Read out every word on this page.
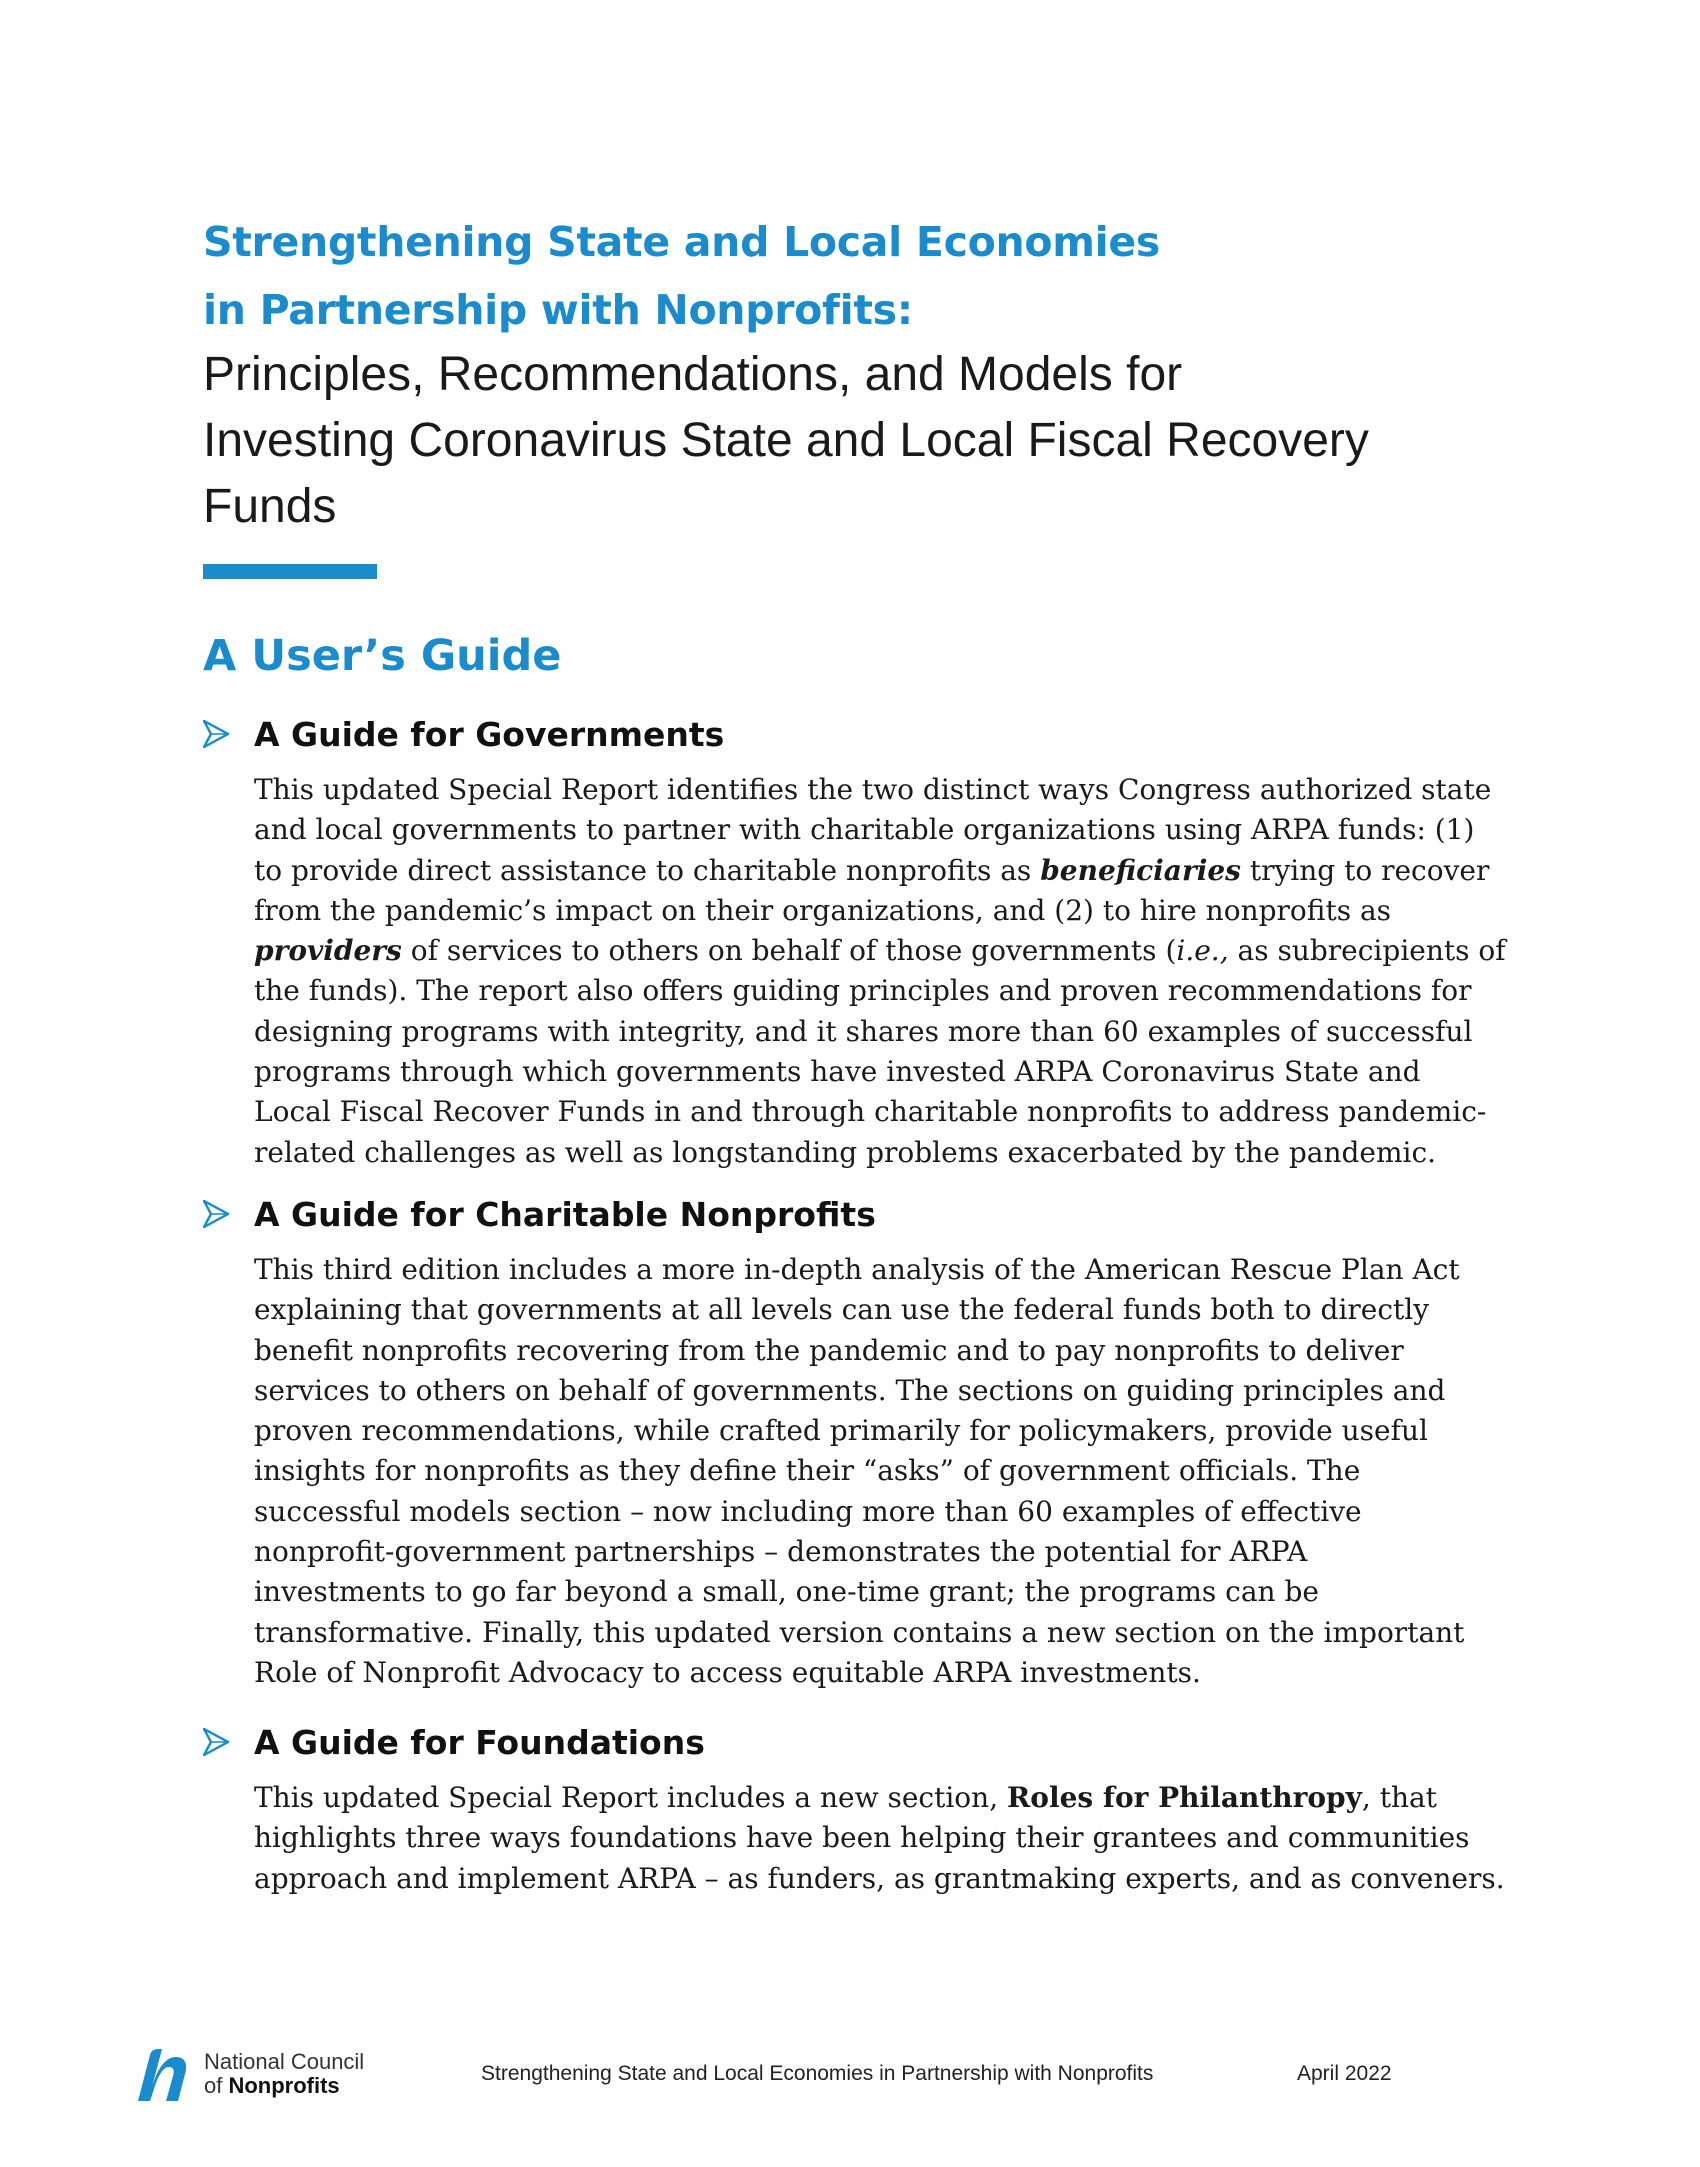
Strengthening State and Local Economies
in Partnership with Nonprofits:
Principles, Recommendations, and Models for
Investing Coronavirus State and Local Fiscal Recovery
Funds
A User’s Guide
A Guide for Governments
This updated Special Report identifies the two distinct ways Congress authorized state
and local governments to partner with charitable organizations using ARPA funds: (1)
to provide direct assistance to charitable nonprofits as beneficiaries trying to recover
from the pandemic’s impact on their organizations, and (2) to hire nonprofits as
providers of services to others on behalf of those governments (i.e., as subrecipients of
the funds). The report also offers guiding principles and proven recommendations for
designing programs with integrity, and it shares more than 60 examples of successful
programs through which governments have invested ARPA Coronavirus State and
Local Fiscal Recover Funds in and through charitable nonprofits to address pandemic-
related challenges as well as longstanding problems exacerbated by the pandemic.
A Guide for Charitable Nonprofits
This third edition includes a more in-depth analysis of the American Rescue Plan Act
explaining that governments at all levels can use the federal funds both to directly
benefit nonprofits recovering from the pandemic and to pay nonprofits to deliver
services to others on behalf of governments. The sections on guiding principles and
proven recommendations, while crafted primarily for policymakers, provide useful
insights for nonprofits as they define their “asks” of government officials. The
successful models section – now including more than 60 examples of effective
nonprofit-government partnerships – demonstrates the potential for ARPA
investments to go far beyond a small, one-time grant; the programs can be
transformative. Finally, this updated version contains a new section on the important
Role of Nonprofit Advocacy to access equitable ARPA investments.
A Guide for Foundations
This updated Special Report includes a new section, Roles for Philanthropy, that
highlights three ways foundations have been helping their grantees and communities
approach and implement ARPA – as funders, as grantmaking experts, and as conveners.
National Council
of Nonprofits	Strengthening State and Local Economies in Partnership with Nonprofits	April 2022
